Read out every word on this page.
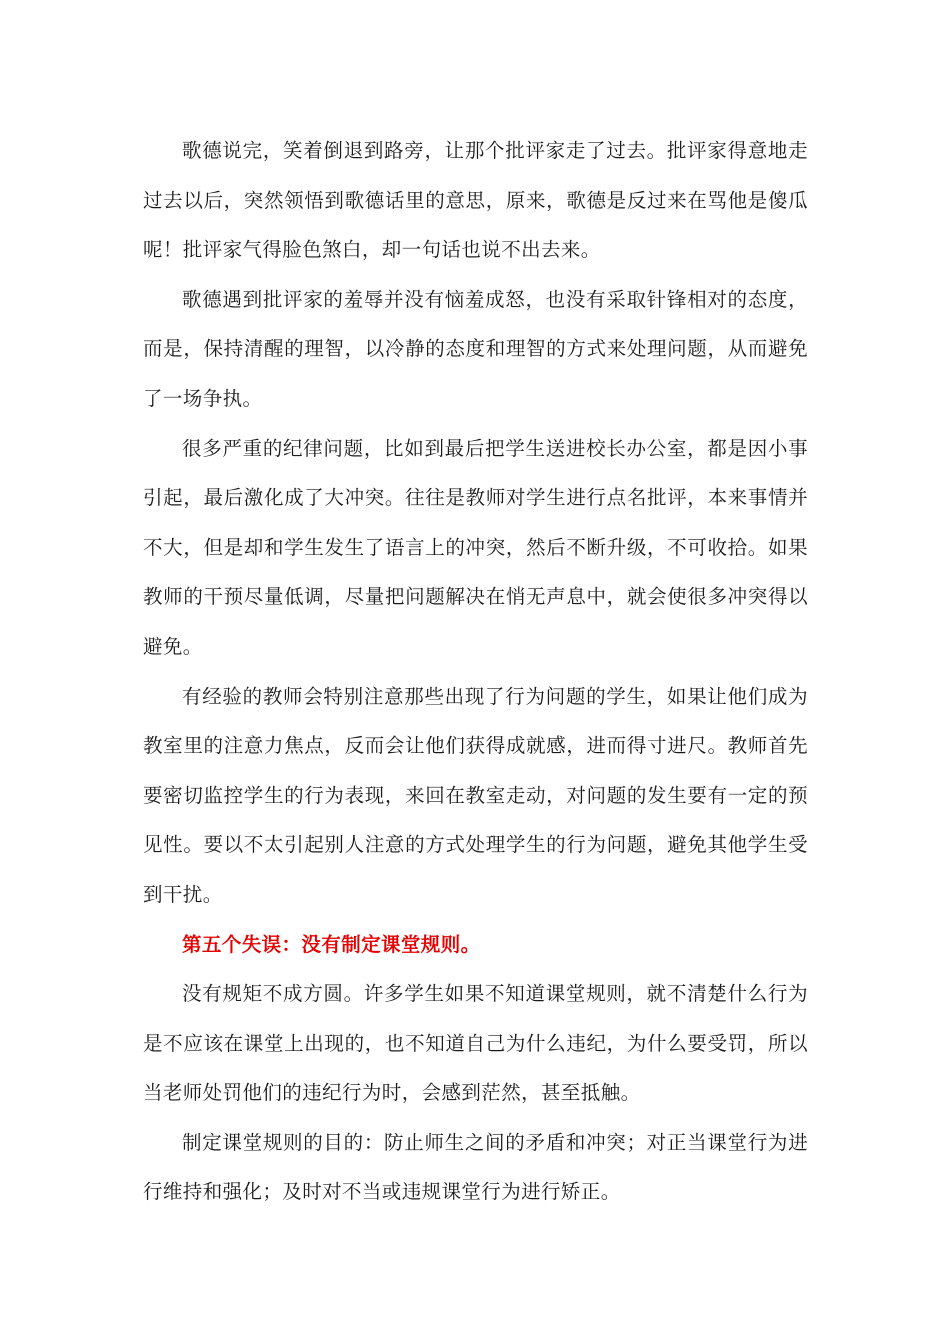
歌德说完，笑着倒退到路旁，让那个批评家走了过去。批评家得意地走过去以后，突然领悟到歌德话里的意思，原来，歌德是反过来在骂他是傻瓜呢！批评家气得脸色煞白，却一句话也说不出去来。

歌德遇到批评家的羞辱并没有恼羞成怒，也没有采取针锋相对的态度，而是，保持清醒的理智，以冷静的态度和理智的方式来处理问题，从而避免了一场争执。

很多严重的纪律问题，比如到最后把学生送进校长办公室，都是因小事引起，最后激化成了大冲突。往往是教师对学生进行点名批评，本来事情并不大，但是却和学生发生了语言上的冲突，然后不断升级，不可收拾。如果教师的干预尽量低调，尽量把问题解决在悄无声息中，就会使很多冲突得以避免。

有经验的教师会特别注意那些出现了行为问题的学生，如果让他们成为教室里的注意力焦点，反而会让他们获得成就感，进而得寸进尺。教师首先要密切监控学生的行为表现，来回在教室走动，对问题的发生要有一定的预见性。要以不太引起别人注意的方式处理学生的行为问题，避免其他学生受到干扰。

第五个失误：没有制定课堂规则。

没有规矩不成方圆。许多学生如果不知道课堂规则，就不清楚什么行为是不应该在课堂上出现的，也不知道自己为什么违纪，为什么要受罚，所以当老师处罚他们的违纪行为时，会感到茫然，甚至抵触。

制定课堂规则的目的：防止师生之间的矛盾和冲突；对正当课堂行为进行维持和强化；及时对不当或违规课堂行为进行矫正。
